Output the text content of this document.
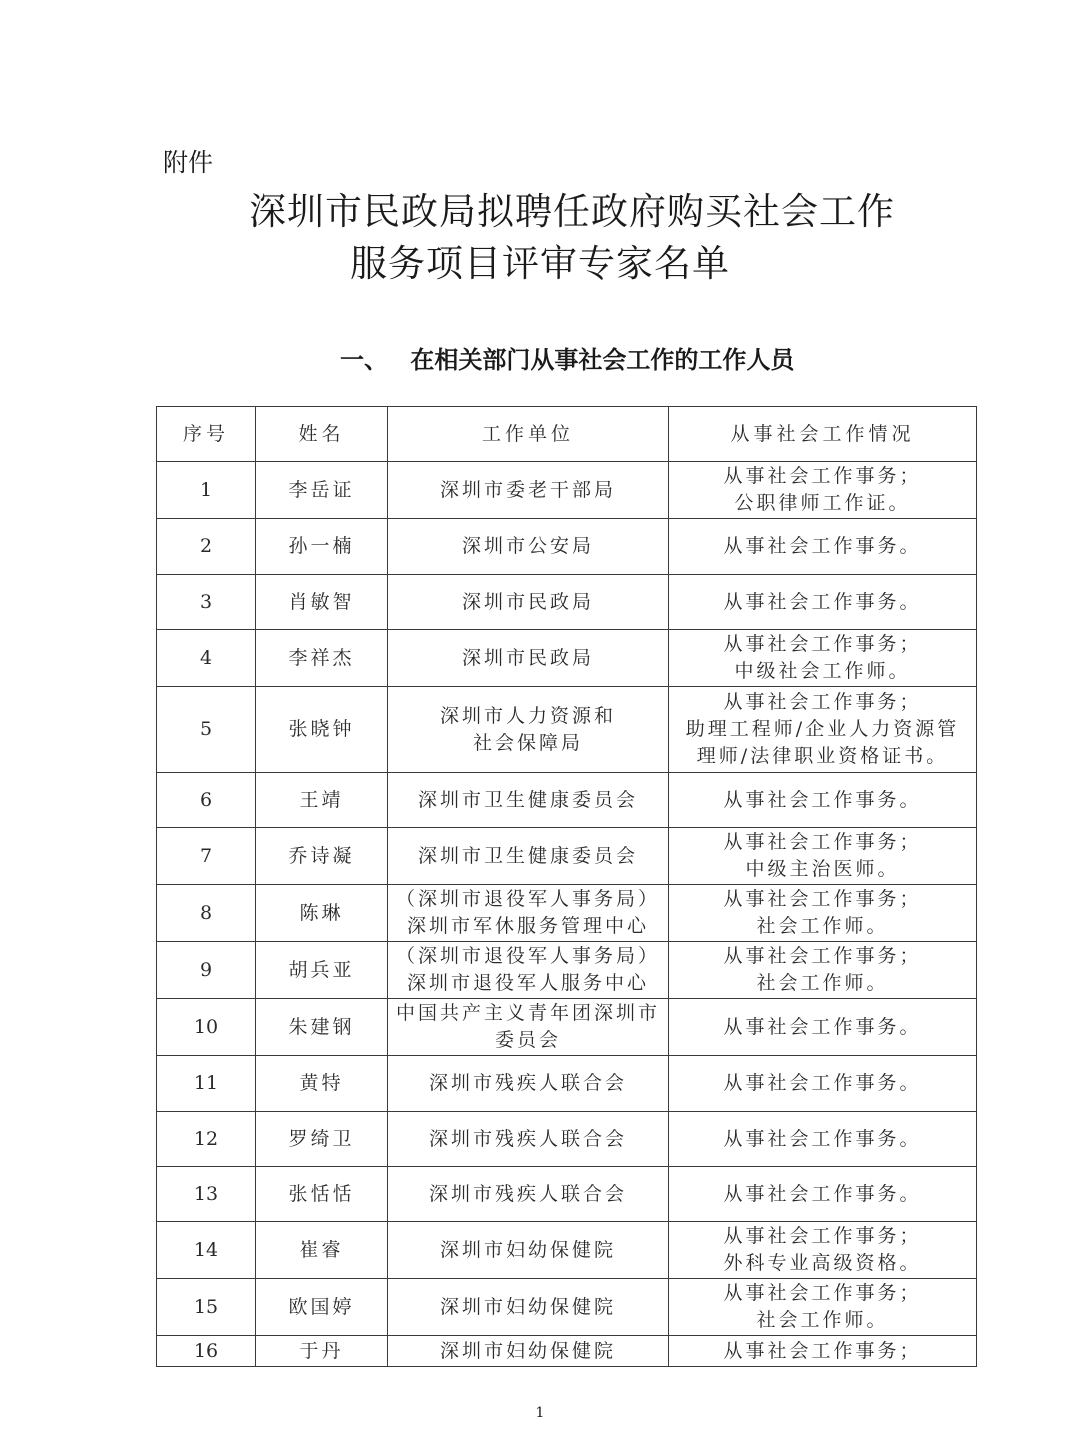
附件
深圳市民政局拟聘任政府购买社会工作
服务项目评审专家名单
一、 在相关部门从事社会工作的工作人员
序号	姓名	工作单位	从事社会工作情况
1	李岳证	深圳市委老干部局	从事社会工作事务；
公职律师工作证。

2	孙一楠	深圳市公安局	从事社会工作事务。

3	肖敏智	深圳市民政局	从事社会工作事务。

4	李祥杰	深圳市民政局	从事社会工作事务；
中级社会工作师。

5	张晓钟	深圳市人力资源和
社会保障局	从事社会工作事务；
助理工程师/企业人力资源管
理师/法律职业资格证书。

6	王靖	深圳市卫生健康委员会	从事社会工作事务。

7	乔诗凝	深圳市卫生健康委员会	从事社会工作事务；
中级主治医师。

8	陈琳	（深圳市退役军人事务局）
深圳市军休服务管理中心	从事社会工作事务；
社会工作师。

9	胡兵亚	（深圳市退役军人事务局）
深圳市退役军人服务中心	从事社会工作事务；
社会工作师。

10	朱建钢	中国共产主义青年团深圳市
委员会	从事社会工作事务。

11	黄特	深圳市残疾人联合会	从事社会工作事务。

12	罗绮卫	深圳市残疾人联合会	从事社会工作事务。

13	张恬恬	深圳市残疾人联合会	从事社会工作事务。

14	崔睿	深圳市妇幼保健院	从事社会工作事务；
外科专业高级资格。

15	欧国婷	深圳市妇幼保健院	从事社会工作事务；
社会工作师。

16	于丹	深圳市妇幼保健院	从事社会工作事务；
1
